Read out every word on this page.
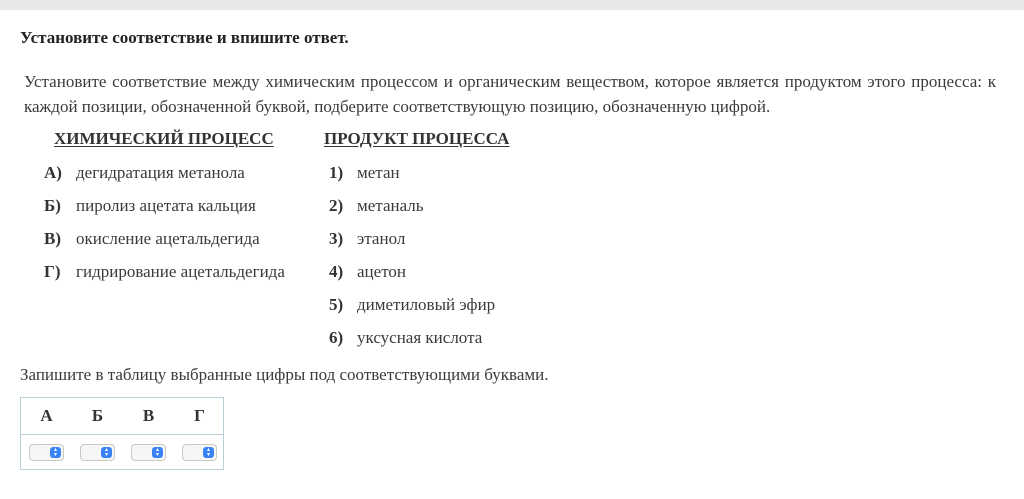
Установите соответствие и впишите ответ.
Установите соответствие между химическим процессом и органическим веществом, которое является продуктом этого процесса: к каждой позиции, обозначенной буквой, подберите соответствующую позицию, обозначенную цифрой.
ХИМИЧЕСКИЙ ПРОЦЕСС	ПРОДУКТ ПРОЦЕССА
А) дегидратация метанола
Б) пиролиз ацетата кальция
В) окисление ацетальдегида
Г) гидрирование ацетальдегида
1) метан
2) метаналь
3) этанол
4) ацетон
5) диметиловый эфир
6) уксусная кислота
Запишите в таблицу выбранные цифры под соответствующими буквами.
А	Б	В	Г
▴
▾
▴
▾
▴
▾
▴
▾
